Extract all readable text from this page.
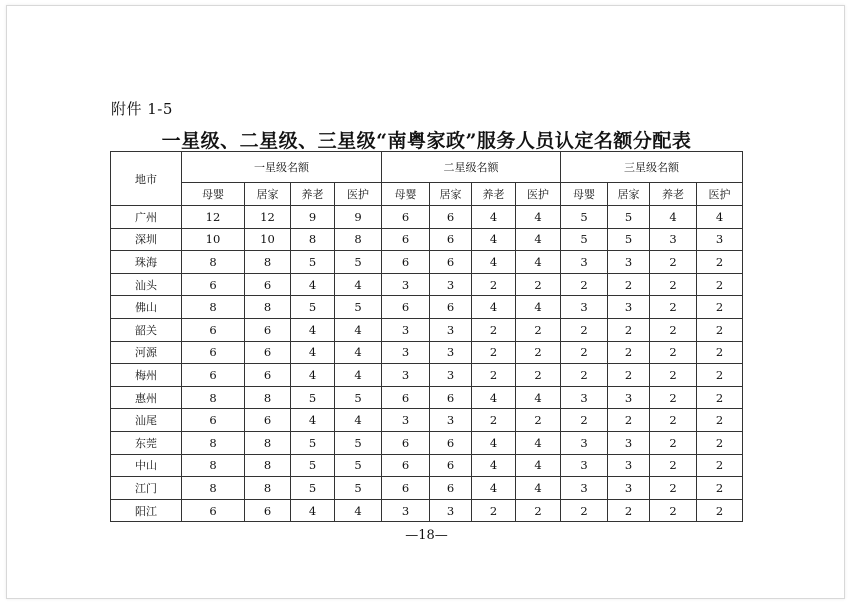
附件 1-5
一星级、二星级、三星级“南粤家政”服务人员认定名额分配表
地市	一星级名额				二星级名额				三星级名额			
	母婴	居家	养老	医护	母婴	居家	养老	医护	母婴	居家	养老	医护
广州	12	12	9	9	6	6	4	4	5	5	4	4
深圳	10	10	8	8	6	6	4	4	5	5	3	3
珠海	8	8	5	5	6	6	4	4	3	3	2	2
汕头	6	6	4	4	3	3	2	2	2	2	2	2
佛山	8	8	5	5	6	6	4	4	3	3	2	2
韶关	6	6	4	4	3	3	2	2	2	2	2	2
河源	6	6	4	4	3	3	2	2	2	2	2	2
梅州	6	6	4	4	3	3	2	2	2	2	2	2
惠州	8	8	5	5	6	6	4	4	3	3	2	2
汕尾	6	6	4	4	3	3	2	2	2	2	2	2
东莞	8	8	5	5	6	6	4	4	3	3	2	2
中山	8	8	5	5	6	6	4	4	3	3	2	2
江门	8	8	5	5	6	6	4	4	3	3	2	2
阳江	6	6	4	4	3	3	2	2	2	2	2	2
—18—
